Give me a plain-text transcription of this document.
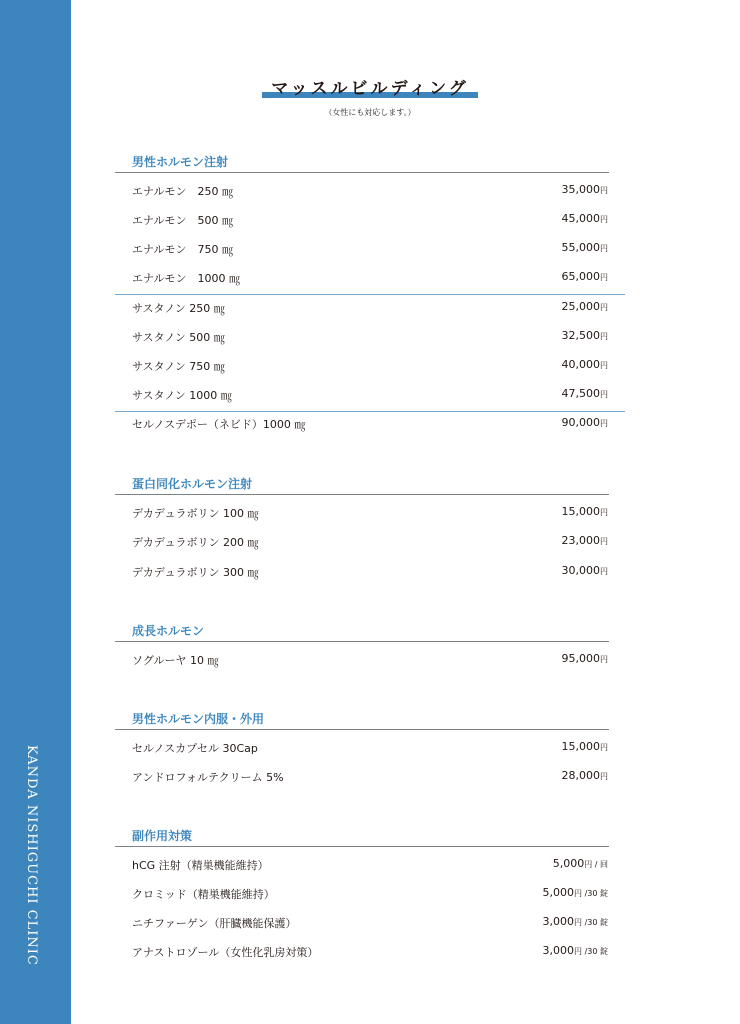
KANDA NISHIGUCHI CLINIC
マッスルビルディング
（女性にも対応します。）
男性ホルモン注射
エナルモン　250 ㎎	35,000円
エナルモン　500 ㎎	45,000円
エナルモン　750 ㎎	55,000円
エナルモン　1000 ㎎	65,000円
サスタノン 250 ㎎	25,000円
サスタノン 500 ㎎	32,500円
サスタノン 750 ㎎	40,000円
サスタノン 1000 ㎎	47,500円
セルノスデポー（ネビド）1000 ㎎	90,000円
蛋白同化ホルモン注射
デカデュラボリン 100 ㎎	15,000円
デカデュラボリン 200 ㎎	23,000円
デカデュラボリン 300 ㎎	30,000円
成長ホルモン
ソグルーヤ 10 ㎎	95,000円
男性ホルモン内服・外用
セルノスカプセル 30Cap	15,000円
アンドロフォルテクリーム 5%	28,000円
副作用対策
hCG 注射（精巣機能維持）	5,000円 / 回
クロミッド（精巣機能維持）	5,000円 /30 錠
ニチファーゲン（肝臓機能保護）	3,000円 /30 錠
アナストロゾール（女性化乳房対策）	3,000円 /30 錠
